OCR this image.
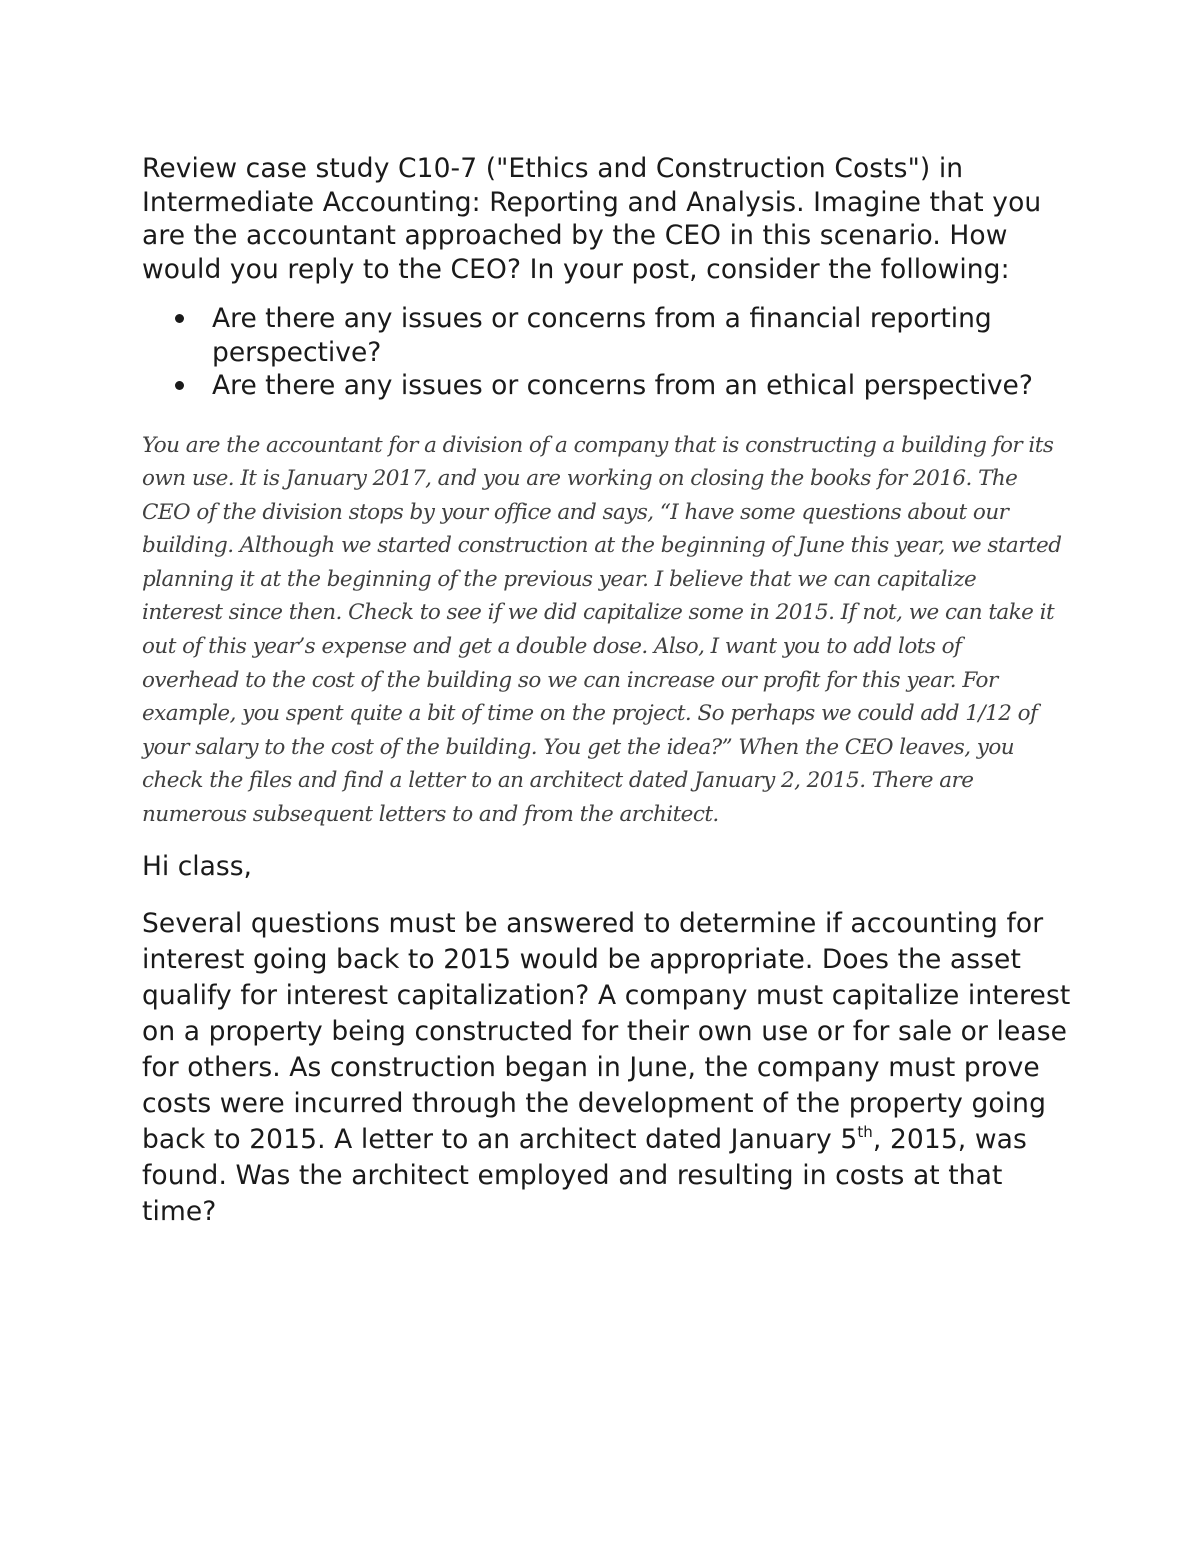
Review case study C10-7 ("Ethics and Construction Costs") in Intermediate Accounting: Reporting and Analysis. Imagine that you are the accountant approached by the CEO in this scenario. How would you reply to the CEO? In your post, consider the following:

Are there any issues or concerns from a financial reporting perspective?
Are there any issues or concerns from an ethical perspective?

You are the accountant for a division of a company that is constructing a building for its own use. It is January 2017, and you are working on closing the books for 2016. The CEO of the division stops by your office and says, “I have some questions about our building. Although we started construction at the beginning of June this year, we started planning it at the beginning of the previous year. I believe that we can capitalize interest since then. Check to see if we did capitalize some in 2015. If not, we can take it out of this year’s expense and get a double dose. Also, I want you to add lots of overhead to the cost of the building so we can increase our profit for this year. For example, you spent quite a bit of time on the project. So perhaps we could add 1/12 of your salary to the cost of the building. You get the idea?” When the CEO leaves, you check the files and find a letter to an architect dated January 2, 2015. There are numerous subsequent letters to and from the architect.

Hi class,

Several questions must be answered to determine if accounting for interest going back to 2015 would be appropriate. Does the asset qualify for interest capitalization? A company must capitalize interest on a property being constructed for their own use or for sale or lease for others. As construction began in June, the company must prove costs were incurred through the development of the property going back to 2015. A letter to an architect dated January 5th, 2015, was found. Was the architect employed and resulting in costs at that time?
